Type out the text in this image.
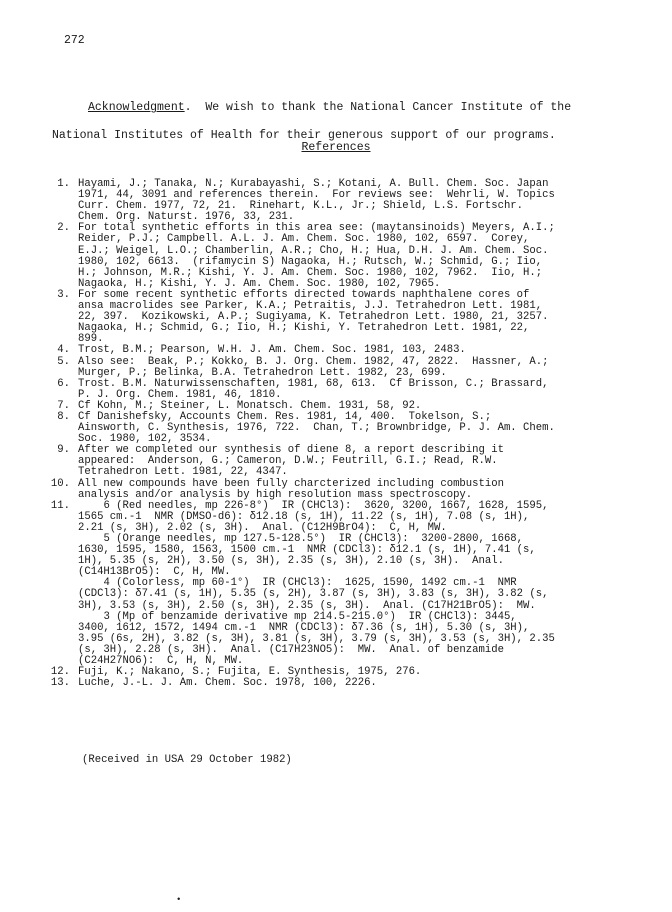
272
Acknowledgment.  We wish to thank the National Cancer Institute of the
National Institutes of Health for their generous support of our programs.
References
1. Hayami, J.; Tanaka, N.; Kurabayashi, S.; Kotani, A. Bull. Chem. Soc. Japan
1971, 44, 3091 and references therein.  For reviews see:  Wehrli, W. Topics
Curr. Chem. 1977, 72, 21.  Rinehart, K.L., Jr.; Shield, L.S. Fortschr.
Chem. Org. Naturst. 1976, 33, 231.
2. For total synthetic efforts in this area see: (maytansinoids) Meyers, A.I.;
Reider, P.J.; Campbell. A.L. J. Am. Chem. Soc. 1980, 102, 6597.  Corey,
E.J.; Weigel, L.O.; Chamberlin, A.R.; Cho, H.; Hua, D.H. J. Am. Chem. Soc.
1980, 102, 6613.  (rifamycin S) Nagaoka, H.; Rutsch, W.; Schmid, G.; Iio,
H.; Johnson, M.R.; Kishi, Y. J. Am. Chem. Soc. 1980, 102, 7962.  Iio, H.;
Nagaoka, H.; Kishi, Y. J. Am. Chem. Soc. 1980, 102, 7965.
3. For some recent synthetic efforts directed towards naphthalene cores of
ansa macrolides see Parker, K.A.; Petraitis, J.J. Tetrahedron Lett. 1981,
22, 397.  Kozikowski, A.P.; Sugiyama, K. Tetrahedron Lett. 1980, 21, 3257.
Nagaoka, H.; Schmid, G.; Iio, H.; Kishi, Y. Tetrahedron Lett. 1981, 22,
899.
4. Trost, B.M.; Pearson, W.H. J. Am. Chem. Soc. 1981, 103, 2483.
5. Also see:  Beak, P.; Kokko, B. J. Org. Chem. 1982, 47, 2822.  Hassner, A.;
Murger, P.; Belinka, B.A. Tetrahedron Lett. 1982, 23, 699.
6. Trost. B.M. Naturwissenschaften, 1981, 68, 613.  Cf Brisson, C.; Brassard,
P. J. Org. Chem. 1981, 46, 1810.
7. Cf Kohn, M.; Steiner, L. Monatsch. Chem. 1931, 58, 92.
8. Cf Danishefsky, Accounts Chem. Res. 1981, 14, 400.  Tokelson, S.;
Ainsworth, C. Synthesis, 1976, 722.  Chan, T.; Brownbridge, P. J. Am. Chem.
Soc. 1980, 102, 3534.
9. After we completed our synthesis of diene 8, a report describing it
appeared:  Anderson, G.; Cameron, D.W.; Feutrill, G.I.; Read, R.W.
Tetrahedron Lett. 1981, 22, 4347.
10. All new compounds have been fully charcterized including combustion
analysis and/or analysis by high resolution mass spectroscopy.
11.	6 (Red needles, mp 226-8°)  IR (CHCl3):  3620, 3200, 1667, 1628, 1595,
1565 cm.-1  NMR (DMSO-d6): δ12.18 (s, 1H), 11.22 (s, 1H), 7.08 (s, 1H),
2.21 (s, 3H), 2.02 (s, 3H).  Anal. (C12H9BrO4):  C, H, MW.
5 (Orange needles, mp 127.5-128.5°)  IR (CHCl3):  3200-2800, 1668,
1630, 1595, 1580, 1563, 1500 cm.-1  NMR (CDCl3): δ12.1 (s, 1H), 7.41 (s,
1H), 5.35 (s, 2H), 3.50 (s, 3H), 2.35 (s, 3H), 2.10 (s, 3H).  Anal.
(C14H13BrO5):  C, H, MW.
4 (Colorless, mp 60-1°)  IR (CHCl3):  1625, 1590, 1492 cm.-1  NMR
(CDCl3): δ7.41 (s, 1H), 5.35 (s, 2H), 3.87 (s, 3H), 3.83 (s, 3H), 3.82 (s,
3H), 3.53 (s, 3H), 2.50 (s, 3H), 2.35 (s, 3H).  Anal. (C17H21BrO5):  MW.
3 (Mp of benzamide derivative mp 214.5-215.0°)  IR (CHCl3): 3445,
3400, 1612, 1572, 1494 cm.-1  NMR (CDCl3): δ7.36 (s, 1H), 5.30 (s, 3H),
3.95 (6s, 2H), 3.82 (s, 3H), 3.81 (s, 3H), 3.79 (s, 3H), 3.53 (s, 3H), 2.35
(s, 3H), 2.28 (s, 3H).  Anal. (C17H23NO5):  MW.  Anal. of benzamide
(C24H27NO6):  C, H, N, MW.
12. Fuji, K.; Nakano, S.; Fujita, E. Synthesis, 1975, 276.
13. Luche, J.-L. J. Am. Chem. Soc. 1978, 100, 2226.
(Received in USA 29 October 1982)
•
